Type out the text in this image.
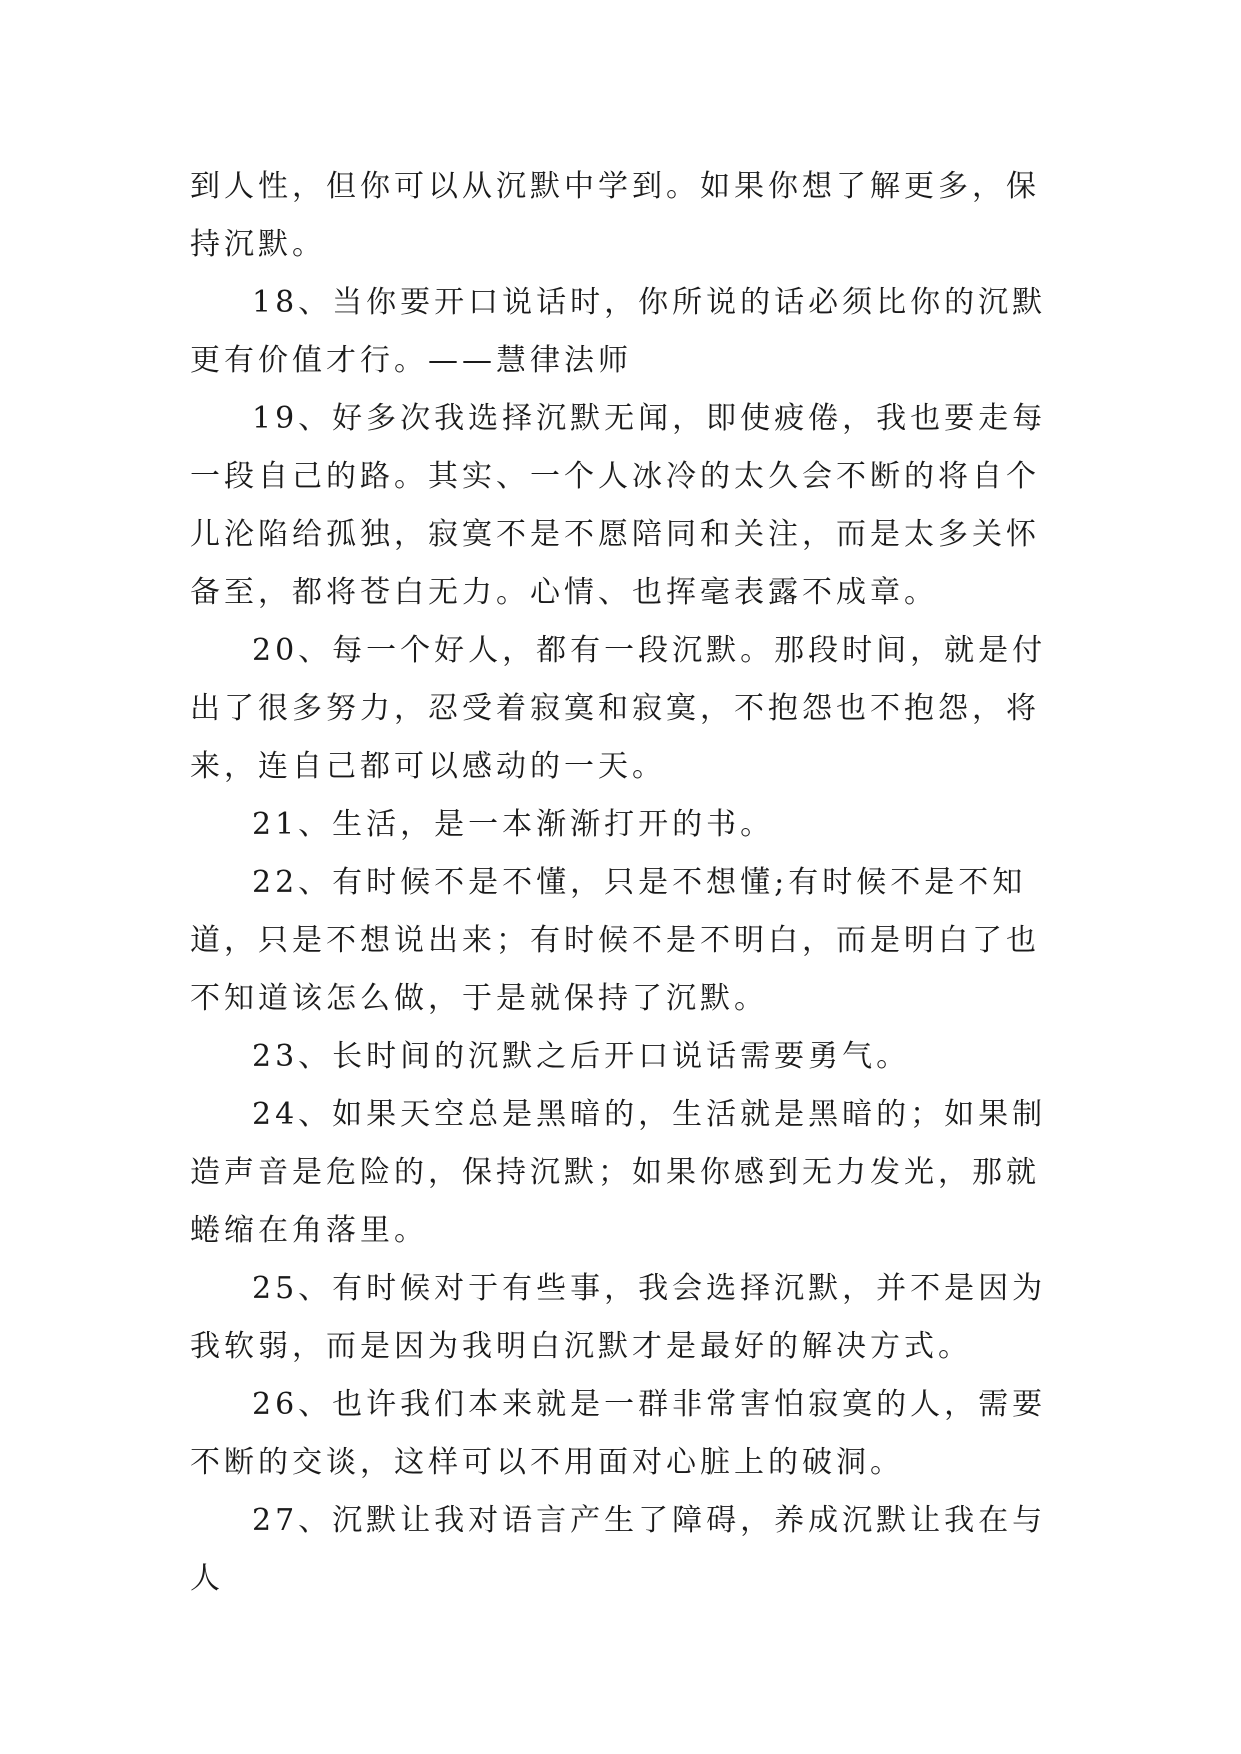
到人性，但你可以从沉默中学到。如果你想了解更多，保持沉默。

18、当你要开口说话时，你所说的话必须比你的沉默更有价值才行。——慧律法师

19、好多次我选择沉默无闻，即使疲倦，我也要走每一段自己的路。其实、一个人冰冷的太久会不断的将自个儿沦陷给孤独，寂寞不是不愿陪同和关注，而是太多关怀备至，都将苍白无力。心情、也挥毫表露不成章。

20、每一个好人，都有一段沉默。那段时间，就是付出了很多努力，忍受着寂寞和寂寞，不抱怨也不抱怨，将来，连自己都可以感动的一天。

21、生活，是一本渐渐打开的书。

22、有时候不是不懂，只是不想懂;有时候不是不知道，只是不想说出来；有时候不是不明白，而是明白了也不知道该怎么做，于是就保持了沉默。

23、长时间的沉默之后开口说话需要勇气。

24、如果天空总是黑暗的，生活就是黑暗的；如果制造声音是危险的，保持沉默；如果你感到无力发光，那就蜷缩在角落里。

25、有时候对于有些事，我会选择沉默，并不是因为我软弱，而是因为我明白沉默才是最好的解决方式。

26、也许我们本来就是一群非常害怕寂寞的人，需要不断的交谈，这样可以不用面对心脏上的破洞。

27、沉默让我对语言产生了障碍，养成沉默让我在与人
